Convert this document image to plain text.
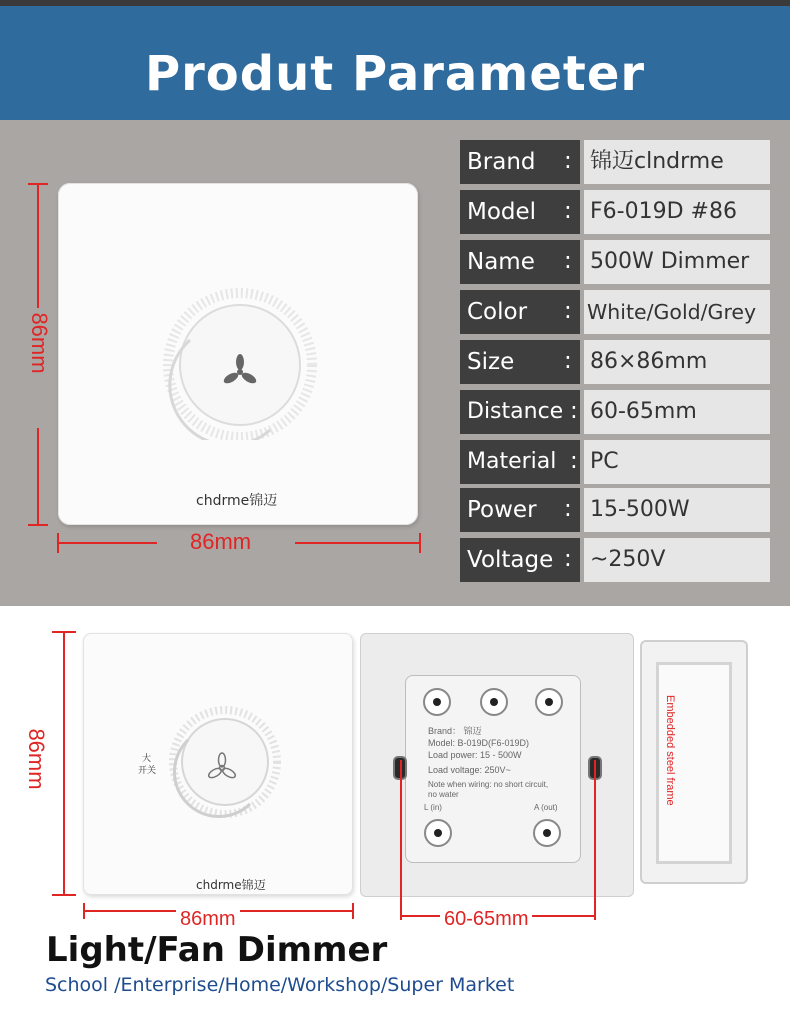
Produt Parameter
86mm
chdrme锦迈
86mm
Brand	: 锦迈clndrme
Model	: F6-019D #86
Name	: 500W Dimmer
Color	: White/Gold/Grey
Size	: 86×86mm
Distance : 60-65mm
Material : PC
Power	: 15-500W
Voltage : ~250V
86mm	大
开关
chdrme锦迈
86mm
Brand： 锦迈
Model: B-019D(F6-019D)
Load power: 15 - 500W
Load voltage: 250V~
Note when wiring: no short circuit, no water
L (in)	A (out)
60-65mm
Embedded steel frame
Light/Fan Dimmer
School /Enterprise/Home/Workshop/Super Market
